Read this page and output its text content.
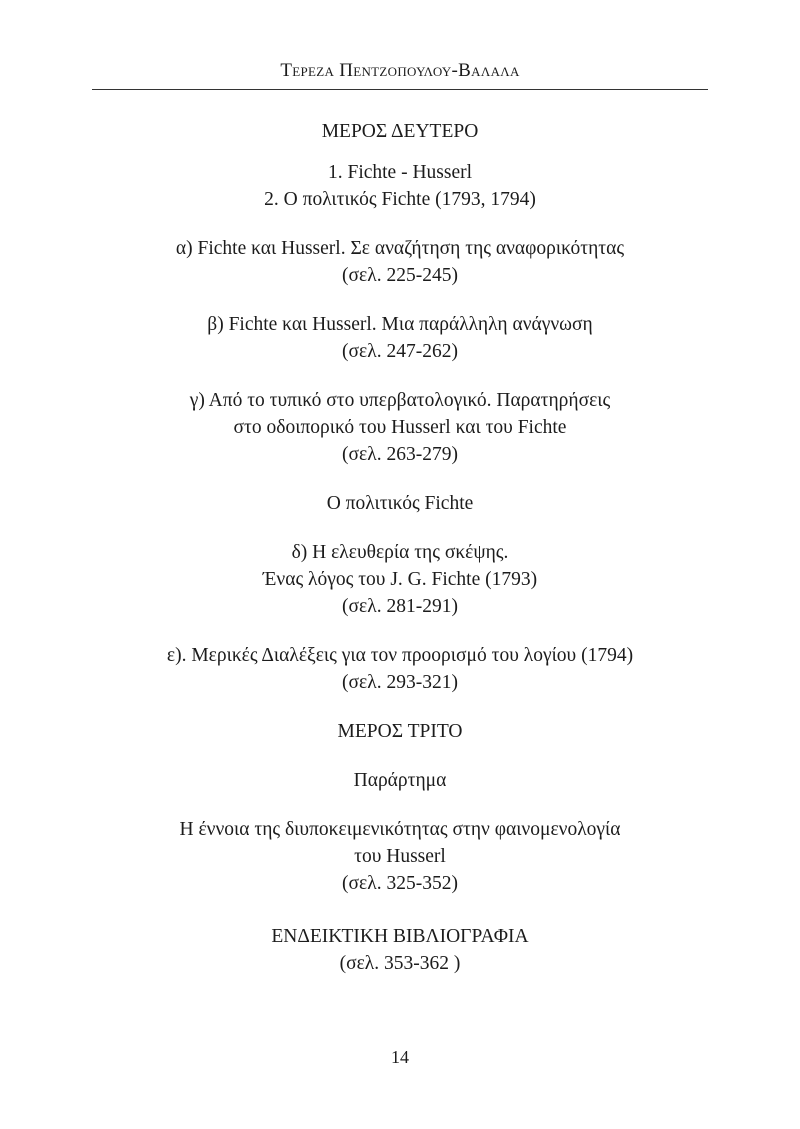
Tερεζα Πεντζοπουλου-Βαλαλα
ΜΕΡΟΣ ΔΕΥΤΕΡΟ
1. Fichte - Husserl
2. Ο πολιτικός Fichte (1793, 1794)
α) Fichte και Husserl. Σε αναζήτηση της αναφορικότητας
(σελ. 225-245)
β) Fichte και Husserl. Μια παράλληλη ανάγνωση
(σελ. 247-262)
γ) Από το τυπικό στο υπερβατολογικό. Παρατηρήσεις
στο οδοιπορικό του Husserl και του Fichte
(σελ. 263-279)
Ο πολιτικός Fichte
δ) Η ελευθερία της σκέψης.
Ένας λόγος του J. G. Fichte (1793)
(σελ. 281-291)
ε). Μερικές Διαλέξεις για τον προορισμό του λογίου (1794)
(σελ. 293-321)
ΜΕΡΟΣ ΤΡΙΤΟ
Παράρτημα
Η έννοια της διυποκειμενικότητας στην φαινομενολογία
του Husserl
(σελ. 325-352)
ΕΝΔΕΙΚΤΙΚΗ ΒΙΒΛΙΟΓΡΑΦΙΑ
(σελ. 353-362 )
14
